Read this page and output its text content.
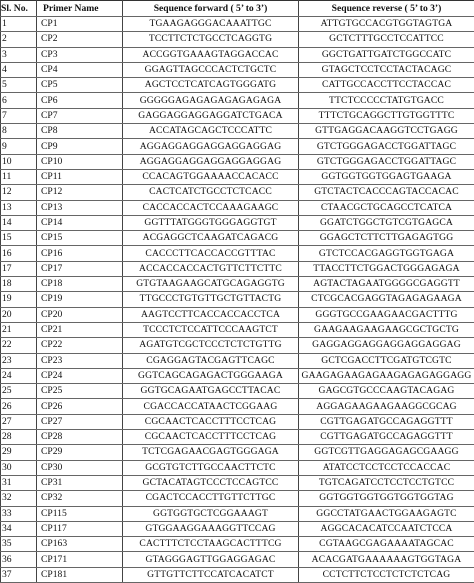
Sl. No.	Primer Name	Sequence forward ( 5’ to 3’)	Sequence reverse ( 5’ to 3’)
1	CP1	TGAAGAGGGACAAATTGC	ATTGTGCCACGTGGTAGTGA
2	CP2	TCCTTCTCTGCCTCAGGTG	GCTCTTTGCCTCCATTCC
3	CP3	ACCGGTGAAAGTAGGACCAC	GGCTGATTGATCTGGCCATC
4	CP4	GGAGTTAGCCCACTCTGCTC	GTAGCTCCTCCTACTACAGC
5	CP5	AGCTCCTCATCAGTGGGATG	CATTGCCACCTTCCTACCAC
6	CP6	GGGGGAGAGAGAGAGAGAGA	TTCTCCCCCTATGTGACC
7	CP7	GAGGAGGAGGAGGATCTGACA	TTTCTGCAGGCTTGTGGTTTC
8	CP8	ACCATAGCAGCTCCCATTC	GTTGAGGACAAGGTCCTGAGG
9	CP9	AGGAGGAGGAGGAGGAGGAG	GTCTGGGAGACCTGGATTAGC
10	CP10	AGGAGGAGGAGGAGGAGGAG	GTCTGGGAGACCTGGATTAGC
11	CP11	CCACAGTGGAAAACCACACC	GGTGGTGGTGGAGTGAAGA
12	CP12	CACTCATCTGCCTCTCACC	GTCTACTCACCCAGTACCACAC
13	CP13	CACCACCACTCCAAAGAAGC	CTAACGCTGCAGCCTCATCA
14	CP14	GGTTTATGGGTGGGAGGTGT	GGATCTGGCTGTCGTGAGCA
15	CP15	ACGAGGCTCAAGATCAGACG	GGAGCTCTTCTTGAGAGTGG
16	CP16	CACCCTTCACCACCGTTTAC	GTCTCCACGAGGTGGTGAGA
17	CP17	ACCACCACCACTGTTCTTCTTC	TTACCTTCTGGACTGGGAGAGA
18	CP18	GTGTAAGAAGCATGCAGAGGTG	AGTACTAGAATGGGGCGAGGTT
19	CP19	TTGCCCTGTGTTGCTGTTACTG	CTCGCACGAGGTAGAGAGAAGA
20	CP20	AAGTCCTTCACCACCACCTCA	GGGTGCCGAAGAACGACTTTG
21	CP21	TCCCTCTCCATTCCCAAGTCT	GAAGAAGAAGAAGCGCTGCTG
22	CP22	AGATGTCGCTCCCTCTCTGTTG	GAGGAGGAGGAGGAGGAGGAG
23	CP23	CGAGGAGTACGAGTTCAGC	GCTCGACCTTCGATGTCGTC
24	CP24	GGTCAGCAGAGACTGGGAAGA	GAAGAGAAGAGAAGAGAGAGGAGG
25	CP25	GGTGCAGAATGAGCCTTACAC	GAGCGTGCCCAAGTACAGAG
26	CP26	CGACCACCATAACTCGGAAG	AGGAGAAGAAGAAGGCGCAG
27	CP27	CGCAACTCACCTTTCCTCAG	CGTTGAGATGCCAGAGGTTT
28	CP28	CGCAACTCACCTTTCCTCAG	CGTTGAGATGCCAGAGGTTT
29	CP29	TCTCGAGAACGAGTGGGAGA	GGTCGTTGAGGAGAGCGAAGG
30	CP30	GCGTGTCTTGCCAACTTCTC	ATATCCTCCTCCTCCACCAC
31	CP31	GCTACATAGTCCCTCCAGTCC	TGTCAGATCCTCCTCCTGTCC
32	CP32	CGACTCCACCTTGTTCTTGC	GGTGGTGGTGGTGGTGGTAG
33	CP115	GGTGGTGCTCGGAAAGT	GGCCTATGAACTGGAAGAGTC
34	CP117	GTGGAAGGAAAGGTTCCAG	AGGCACACATCCAATCTCCA
35	CP163	CACTTTCTCCTAAGCACTTTCG	CGTAAGCGAGAAAATAGCAC
36	CP171	GTAGGGAGTTGGAGGAGAC	ACACGATGAAAAAAGTGGTAGA
37	CP181	GTTGTTCTTCCATCACATCT	CCTCTTCTCCTCTCTCTCAG
